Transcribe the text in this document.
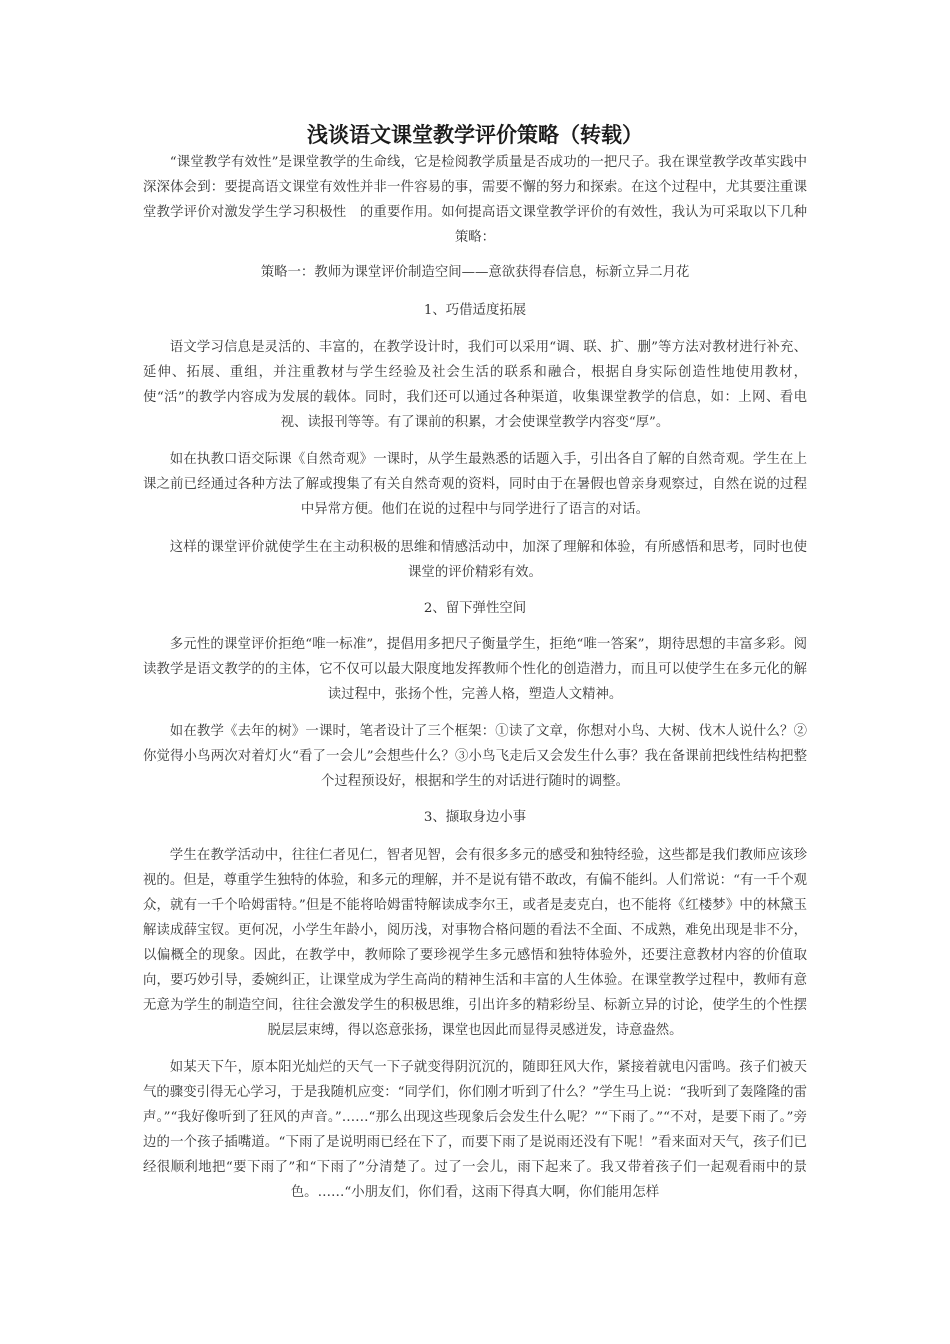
浅谈语文课堂教学评价策略（转载）

“课堂教学有效性”是课堂教学的生命线，它是检阅教学质量是否成功的一把尺子。我在课堂教学改革实践中深深体会到：要提高语文课堂有效性并非一件容易的事，需要不懈的努力和探索。在这个过程中，尤其要注重课堂教学评价对激发学生学习积极性　的重要作用。如何提高语文课堂教学评价的有效性，我认为可采取以下几种策略：

策略一：教师为课堂评价制造空间——意欲获得春信息，标新立异二月花

1、巧借适度拓展

语文学习信息是灵活的、丰富的，在教学设计时，我们可以采用“调、联、扩、删”等方法对教材进行补充、延伸、拓展、重组，并注重教材与学生经验及社会生活的联系和融合，根据自身实际创造性地使用教材，使“活”的教学内容成为发展的载体。同时，我们还可以通过各种渠道，收集课堂教学的信息，如：上网、看电视、读报刊等等。有了课前的积累，才会使课堂教学内容变“厚”。

如在执教口语交际课《自然奇观》一课时，从学生最熟悉的话题入手，引出各自了解的自然奇观。学生在上课之前已经通过各种方法了解或搜集了有关自然奇观的资料，同时由于在暑假也曾亲身观察过，自然在说的过程中异常方便。他们在说的过程中与同学进行了语言的对话。

这样的课堂评价就使学生在主动积极的思维和情感活动中，加深了理解和体验，有所感悟和思考，同时也使课堂的评价精彩有效。

2、留下弹性空间

多元性的课堂评价拒绝“唯一标准”，提倡用多把尺子衡量学生，拒绝“唯一答案”，期待思想的丰富多彩。阅读教学是语文教学的的主体，它不仅可以最大限度地发挥教师个性化的创造潜力，而且可以使学生在多元化的解读过程中，张扬个性，完善人格，塑造人文精神。

如在教学《去年的树》一课时，笔者设计了三个框架：①读了文章，你想对小鸟、大树、伐木人说什么？②你觉得小鸟两次对着灯火“看了一会儿”会想些什么？③小鸟飞走后又会发生什么事？我在备课前把线性结构把整个过程预设好，根据和学生的对话进行随时的调整。

3、撷取身边小事

学生在教学活动中，往往仁者见仁，智者见智，会有很多多元的感受和独特经验，这些都是我们教师应该珍视的。但是，尊重学生独特的体验，和多元的理解，并不是说有错不敢改，有偏不能纠。人们常说：“有一千个观众，就有一千个哈姆雷特。”但是不能将哈姆雷特解读成李尔王，或者是麦克白，也不能将《红楼梦》中的林黛玉解读成薛宝钗。更何况，小学生年龄小，阅历浅，对事物合格问题的看法不全面、不成熟，难免出现是非不分，以偏概全的现象。因此，在教学中，教师除了要珍视学生多元感悟和独特体验外，还要注意教材内容的价值取向，要巧妙引导，委婉纠正，让课堂成为学生高尚的精神生活和丰富的人生体验。在课堂教学过程中，教师有意无意为学生的制造空间，往往会激发学生的积极思维，引出许多的精彩纷呈、标新立异的讨论，使学生的个性摆脱层层束缚，得以恣意张扬，课堂也因此而显得灵感迸发，诗意盎然。

如某天下午，原本阳光灿烂的天气一下子就变得阴沉沉的，随即狂风大作，紧接着就电闪雷鸣。孩子们被天气的骤变引得无心学习，于是我随机应变：“同学们，你们刚才听到了什么？”学生马上说：“我听到了轰隆隆的雷声。”“我好像听到了狂风的声音。”……“那么出现这些现象后会发生什么呢？”“下雨了。”“不对，是要下雨了。”旁边的一个孩子插嘴道。“下雨了是说明雨已经在下了，而要下雨了是说雨还没有下呢！”看来面对天气，孩子们已经很顺利地把“要下雨了”和“下雨了”分清楚了。过了一会儿，雨下起来了。我又带着孩子们一起观看雨中的景色。……“小朋友们，你们看，这雨下得真大啊，你们能用怎样
